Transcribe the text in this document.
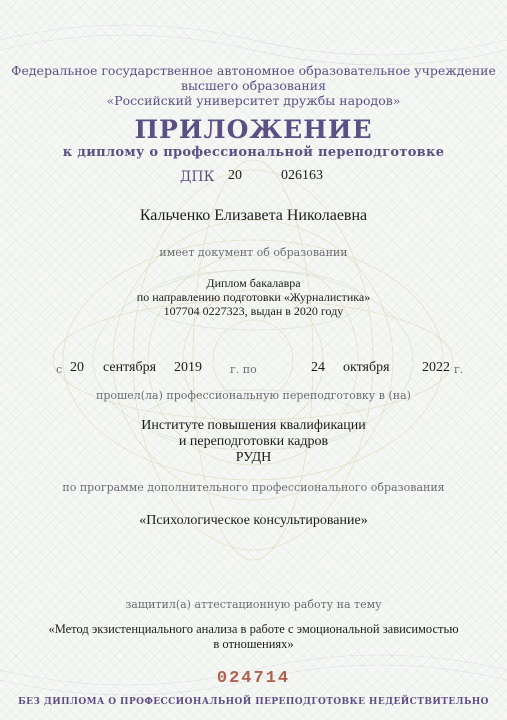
Федеральное государственное автономное образовательное учреждение
высшего образования
«Российский университет дружбы народов»
ПРИЛОЖЕНИЕ
к диплому о профессиональной переподготовке
ДПК 20	026163
Кальченко Елизавета Николаевна
имеет документ об образовании
Диплом бакалавра
по направлению подготовки «Журналистика»
107704 0227323, выдан в 2020 году
с 20 сентября 2019	г. по	24 октября 2022 г.
прошел(ла) профессиональную переподготовку в (на)
Институте повышения квалификации
и переподготовки кадров
РУДН
по программе дополнительного профессионального образования
«Психологическое консультирование»
защитил(а) аттестационную работу на тему
«Метод экзистенциального анализа в работе с эмоциональной зависимостью
в отношениях»
024714
БЕЗ ДИПЛОМА О ПРОФЕССИОНАЛЬНОЙ ПЕРЕПОДГОТОВКЕ НЕДЕЙСТВИТЕЛЬНО
